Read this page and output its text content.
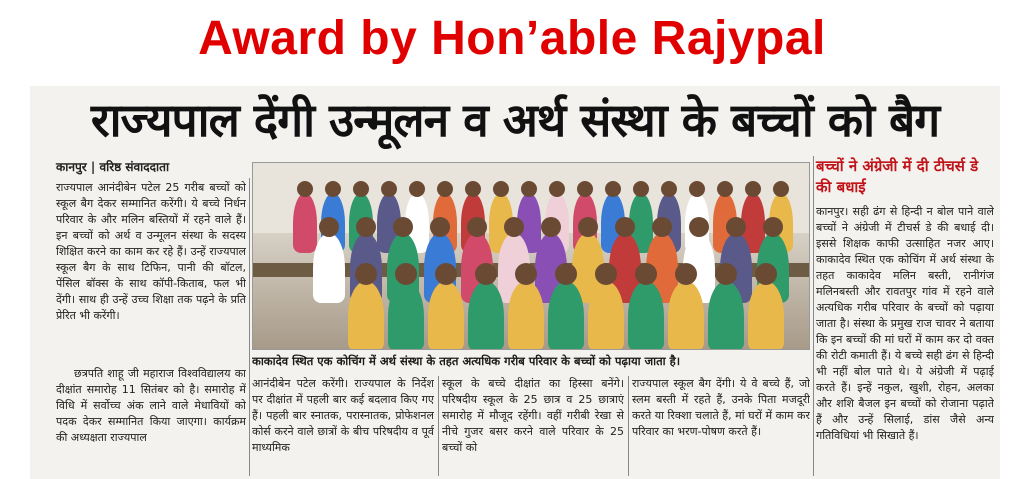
Award by Hon’able Rajypal
राज्यपाल देंगी उन्मूलन व अर्थ संस्था के बच्चों को बैग
कानपुर | वरिष्ठ संवाददाता
राज्यपाल आनंदीबेन पटेल 25 गरीब बच्चों को स्कूल बैग देकर सम्मानित करेंगी। ये बच्चे निर्धन परिवार के और मलिन बस्तियों में रहने वाले हैं। इन बच्चों को अर्थ व उन्मूलन संस्था के सदस्य शिक्षित करने का काम कर रहे हैं। उन्हें राज्यपाल स्कूल बैग के साथ टिफिन, पानी की बॉटल, पेंसिल बॉक्स के साथ कॉपी-किताब, फल भी देंगी। साथ ही उन्हें उच्च शिक्षा तक पढ़ने के प्रति प्रेरित भी करेंगी।
छत्रपति शाहू जी महाराज विश्वविद्यालय का दीक्षांत समारोह 11 सितंबर को है। समारोह में विधि में सर्वोच्च अंक लाने वाले मेधावियों को पदक देकर सम्मानित किया जाएगा। कार्यक्रम की अध्यक्षता राज्यपाल
काकादेव स्थित एक कोचिंग में अर्थ संस्था के तहत अत्यधिक गरीब परिवार के बच्चों को पढ़ाया जाता है।
आनंदीबेन पटेल करेंगी। राज्यपाल के निर्देश पर दीक्षांत में पहली बार कई बदलाव किए गए हैं। पहली बार स्नातक, परास्नातक, प्रोफेशनल कोर्स करने वाले छात्रों के बीच परिषदीय व पूर्व माध्यमिक
स्कूल के बच्चे दीक्षांत का हिस्सा बनेंगे। परिषदीय स्कूल के 25 छात्र व 25 छात्राएं समारोह में मौजूद रहेंगी। वहीं गरीबी रेखा से नीचे गुजर बसर करने वाले परिवार के 25 बच्चों को
राज्यपाल स्कूल बैग देंगी। ये वे बच्चे हैं, जो स्लम बस्ती में रहते हैं, उनके पिता मजदूरी करते या रिक्शा चलाते हैं, मां घरों में काम कर परिवार का भरण-पोषण करते हैं।
बच्चों ने अंग्रेजी में दी टीचर्स डे की बधाई
कानपुर। सही ढंग से हिन्दी न बोल पाने वाले बच्चों ने अंग्रेजी में टीचर्स डे की बधाई दी। इससे शिक्षक काफी उत्साहित नजर आए। काकादेव स्थित एक कोचिंग में अर्थ संस्था के तहत काकादेव मलिन बस्ती, रानीगंज मलिनबस्ती और रावतपुर गांव में रहने वाले अत्यधिक गरीब परिवार के बच्चों को पढ़ाया जाता है। संस्था के प्रमुख राज चावर ने बताया कि इन बच्चों की मां घरों में काम कर दो वक्त की रोटी कमाती हैं। ये बच्चे सही ढंग से हिन्दी भी नहीं बोल पाते थे। ये अंग्रेजी में पढ़ाई करते हैं। इन्हें नकुल, खुशी, रोहन, अलका और शशि बैजल इन बच्चों को रोजाना पढ़ाते हैं और उन्हें सिलाई, डांस जैसे अन्य गतिविधियां भी सिखाते हैं।
